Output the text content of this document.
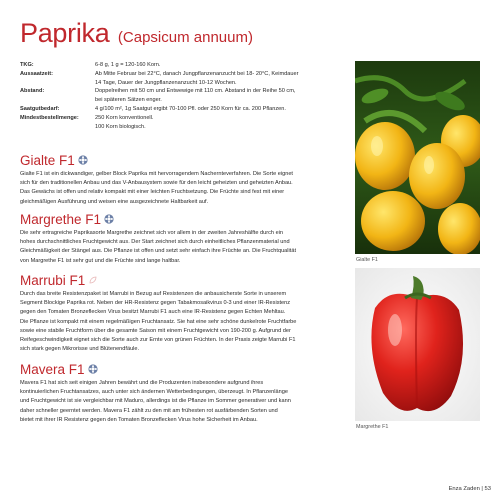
Paprika (Capsicum annuum)
TKG:	6-8 g, 1 g = 120-160 Korn.
Aussaatzeit:	Ab Mitte Februar bei 22°C, danach Jungpflanzenanzucht bei 18- 20°C, Keimdauer
14 Tage, Dauer der Jungpflanzenanzucht 10-12 Wochen.
Abstand:	Doppelreihen mit 50 cm und Entwewige mit 110 cm. Abstand in der Reihe 50 cm,
bei späteren Sätzen enger.
Saatgutbedarf:	4 g/100 m², 1g Saatgut ergibt 70-100 Pfl. oder 250 Korn für ca. 200 Pflanzen.
Mindestbestellmenge:	250 Korn konventionell.
100 Korn biologisch.
Gialte F1
Gialte F1 ist ein dickwandiger, gelber Block Paprika mit hervorragendem Nachernteverfahren. Die Sorte eignet
sich für den traditionellen Anbau und das V-Anbausystem sowie für den leicht geheizten und geheizten Anbau.
Das Gewächs ist offen und relativ kompakt mit einer leichten Fruchtsetzung. Die Früchte sind fest mit einer
gleichmäßigen Ausführung und weisen eine ausgezeichnete Haltbarkeit auf.
Margrethe F1
Die sehr ertragreiche Paprikasorte Margrethe zeichnet sich vor allem in der zweiten Jahreshälfte durch ein
hohes durchschnittliches Fruchtgewicht aus. Der Start zeichnet sich durch einheitliches Pflanzenmaterial und
Gleichmäßigkeit der Stängel aus. Die Pflanze ist offen und setzt sehr einfach ihre Früchte an. Die Fruchtqualität
von Margrethe F1 ist sehr gut und die Früchte sind lange haltbar.
Marrubi F1
Durch das breite Resistenzpaket ist Marrubi in Bezug auf Resistenzen die anbausicherste Sorte in unserem
Segment Blockige Paprika rot. Neben der HR-Resistenz gegen Tabakmosaikvirus 0-3 und einer IR-Resistenz
gegen den Tomaten Bronzeflecken Virus besitzt Marrubi F1 auch eine IR-Resistenz gegen Echten Mehltau.
Die Pflanze ist kompakt mit einem regelmäßigen Fruchtansatz. Sie hat eine sehr schöne dunkelrote Fruchtfarbe
sowie eine stabile Fruchtform über die gesamte Saison mit einem Fruchtgewicht von 190-200 g. Aufgrund der
Reifegeschwindigkeit eignet sich die Sorte auch zur Ernte von grünen Früchten. In der Praxis zeigte Marrubi F1
sich stark gegen Mikrorisse und Blütenendfäule.
Mavera F1
Mavera F1 hat sich seit einigen Jahren bewährt und die Produzenten insbesondere aufgrund ihres
kontinuierlichen Fruchtansatzes, auch unter sich ändernen Wetterbedingungen, überzeugt. In Pflanzenlänge
und Fruchtgewicht ist sie vergleichbar mit Maduro, allerdings ist die Pflanze im Sommer generativer und kann
daher schneller geerntet werden. Mavera F1 zählt zu den mit am frühesten rot ausfärbenden Sorten und
bietet mit ihrer IR Resistenz gegen den Tomaten Bronzeflecken Virus hohe Sicherheit im Anbau.
Gialte F1
Margrethe F1
Enza Zaden | 53
